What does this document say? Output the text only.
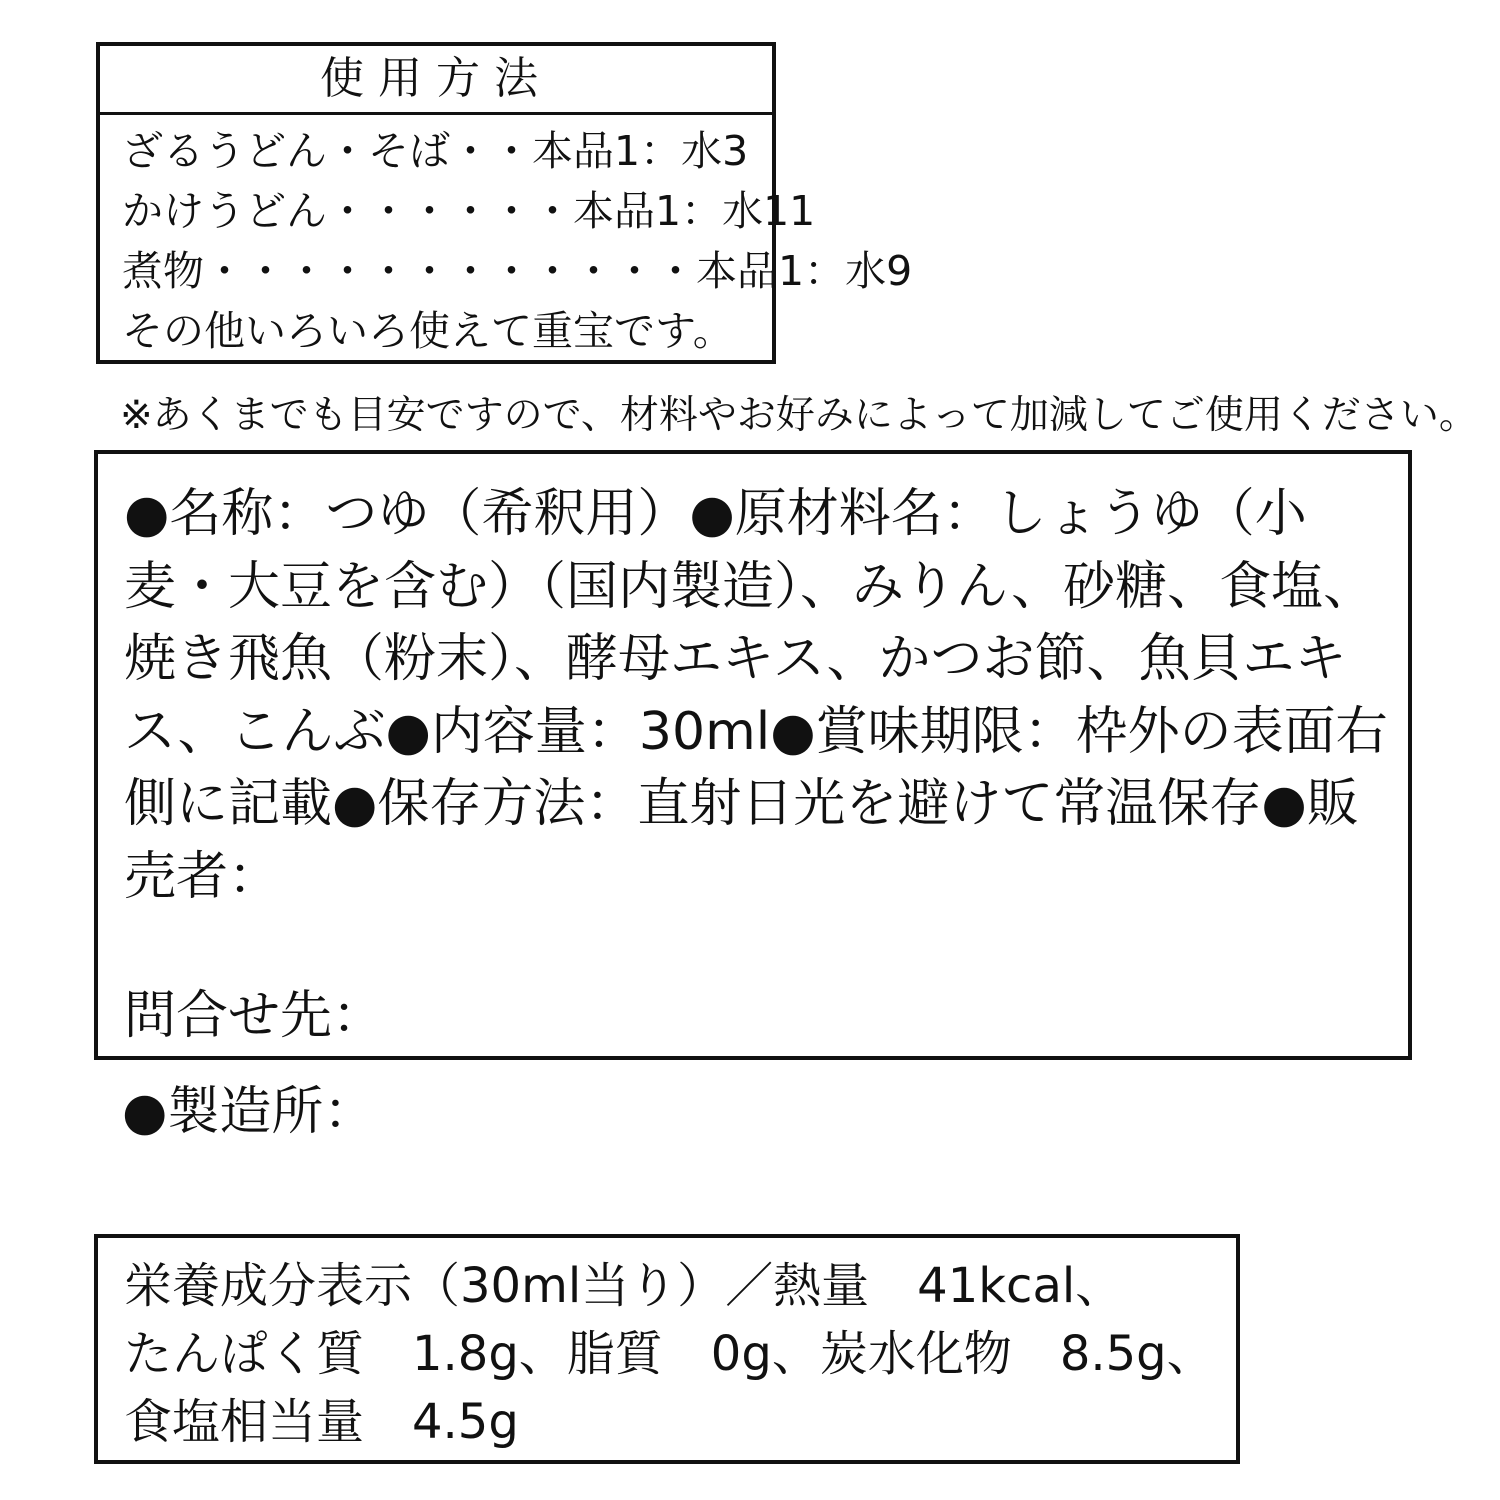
使用方法
ざるうどん・そば・・本品1：水3
かけうどん・・・・・・本品1：水11
煮物・・・・・・・・・・・・本品1：水9
その他いろいろ使えて重宝です。
※あくまでも目安ですので、材料やお好みによって加減してご使用ください。
●名称：つゆ（希釈用）●原材料名：しょうゆ（小麦・大豆を含む）（国内製造）、みりん、砂糖、食塩、焼き飛魚（粉末）、酵母エキス、かつお節、魚貝エキス、こんぶ●内容量：30ml●賞味期限：枠外の表面右側に記載●保存方法：直射日光を避けて常温保存●販売者：
問合せ先：
●製造所：
栄養成分表示（30ml当り）／熱量　41kcal、
たんぱく質　1.8g、脂質　0g、炭水化物　8.5g、
食塩相当量　4.5g
